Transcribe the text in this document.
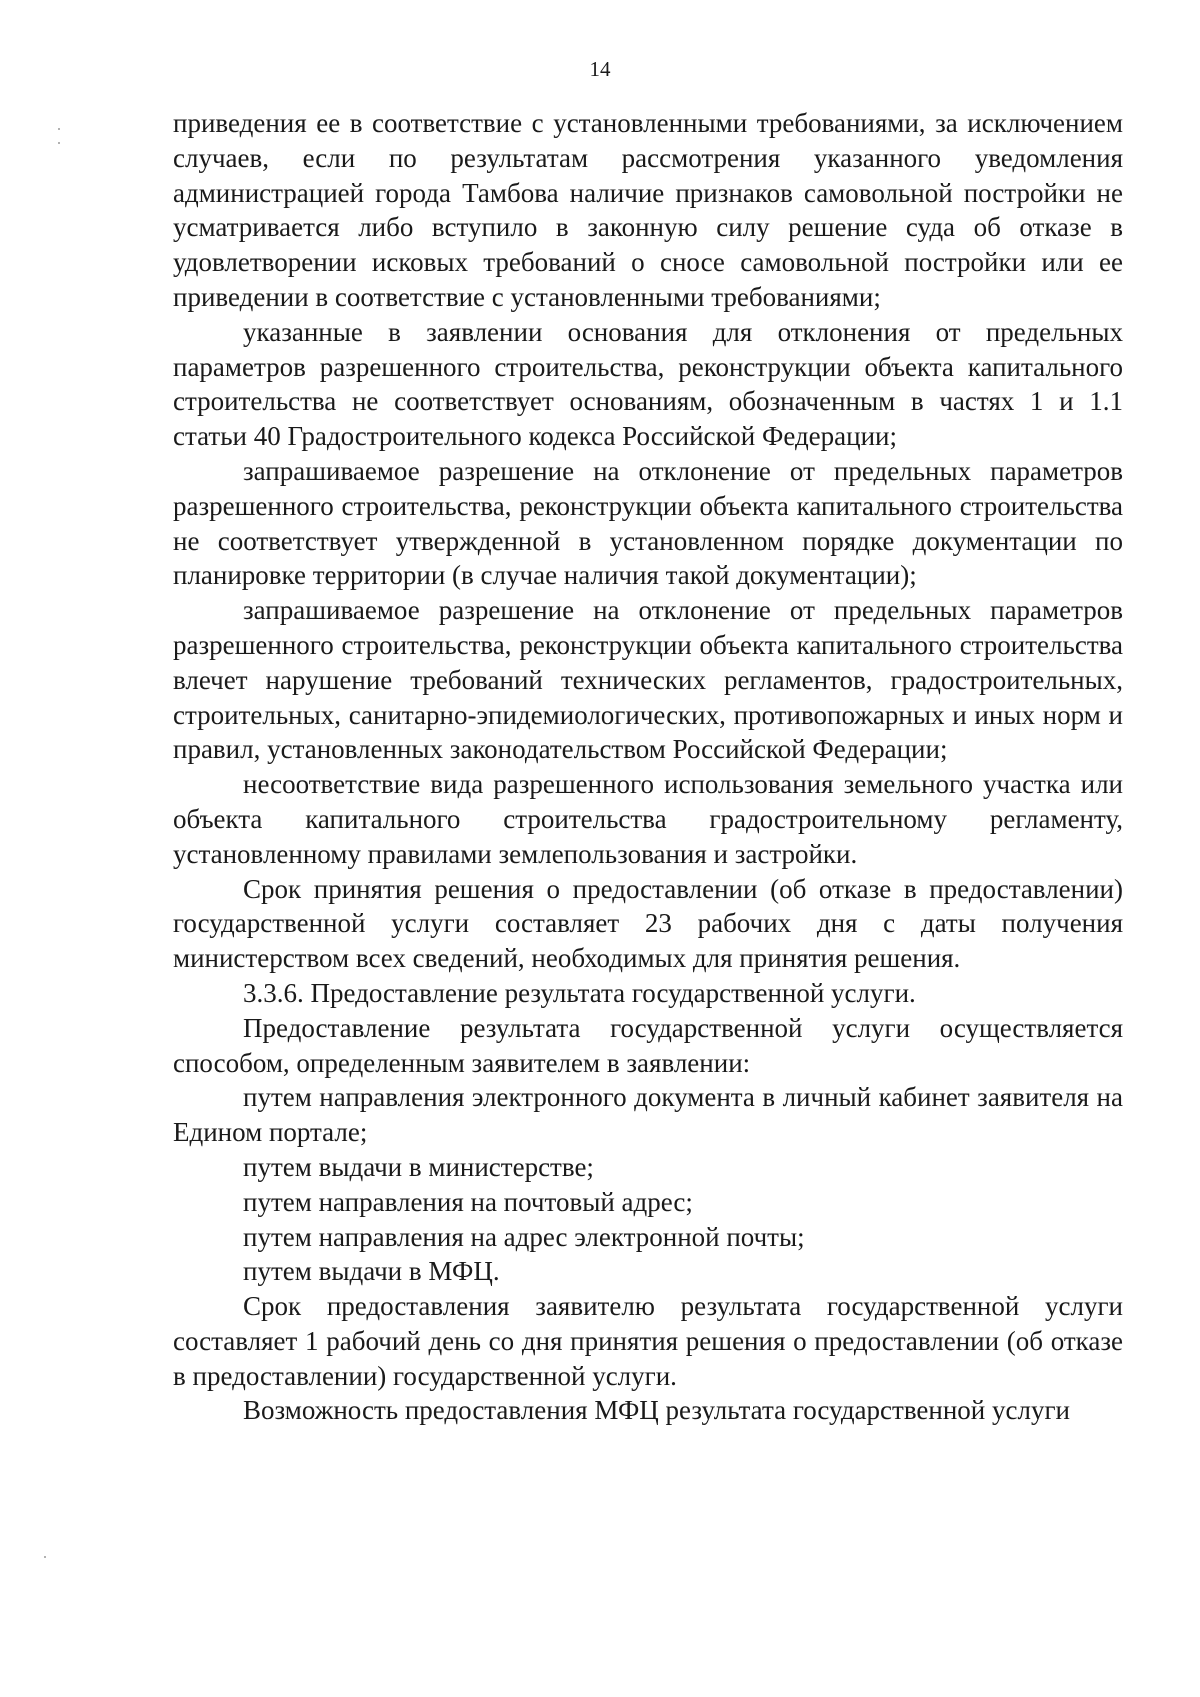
14

приведения ее в соответствие с установленными требованиями, за исключением случаев, если по результатам рассмотрения указанного уведомления администрацией города Тамбова наличие признаков самовольной постройки не усматривается либо вступило в законную силу решение суда об отказе в удовлетворении исковых требований о сносе самовольной постройки или ее приведении в соответствие с установленными требованиями;

указанные в заявлении основания для отклонения от предельных параметров разрешенного строительства, реконструкции объекта капитального строительства не соответствует основаниям, обозначенным в частях 1 и 1.1 статьи 40 Градостроительного кодекса Российской Федерации;

запрашиваемое разрешение на отклонение от предельных параметров разрешенного строительства, реконструкции объекта капитального строительства не соответствует утвержденной в установленном порядке документации по планировке территории (в случае наличия такой документации);

запрашиваемое разрешение на отклонение от предельных параметров разрешенного строительства, реконструкции объекта капитального строительства влечет нарушение требований технических регламентов, градостроительных, строительных, санитарно-эпидемиологических, противопожарных и иных норм и правил, установленных законодательством Российской Федерации;

несоответствие вида разрешенного использования земельного участка или объекта капитального строительства градостроительному регламенту, установленному правилами землепользования и застройки.

Срок принятия решения о предоставлении (об отказе в предоставлении) государственной услуги составляет 23 рабочих дня с даты получения министерством всех сведений, необходимых для принятия решения.

3.3.6. Предоставление результата государственной услуги.

Предоставление результата государственной услуги осуществляется способом, определенным заявителем в заявлении:

путем направления электронного документа в личный кабинет заявителя на Едином портале;

путем выдачи в министерстве;

путем направления на почтовый адрес;

путем направления на адрес электронной почты;

путем выдачи в МФЦ.

Срок предоставления заявителю результата государственной услуги составляет 1 рабочий день со дня принятия решения о предоставлении (об отказе в предоставлении) государственной услуги.

Возможность предоставления МФЦ результата государственной услуги
